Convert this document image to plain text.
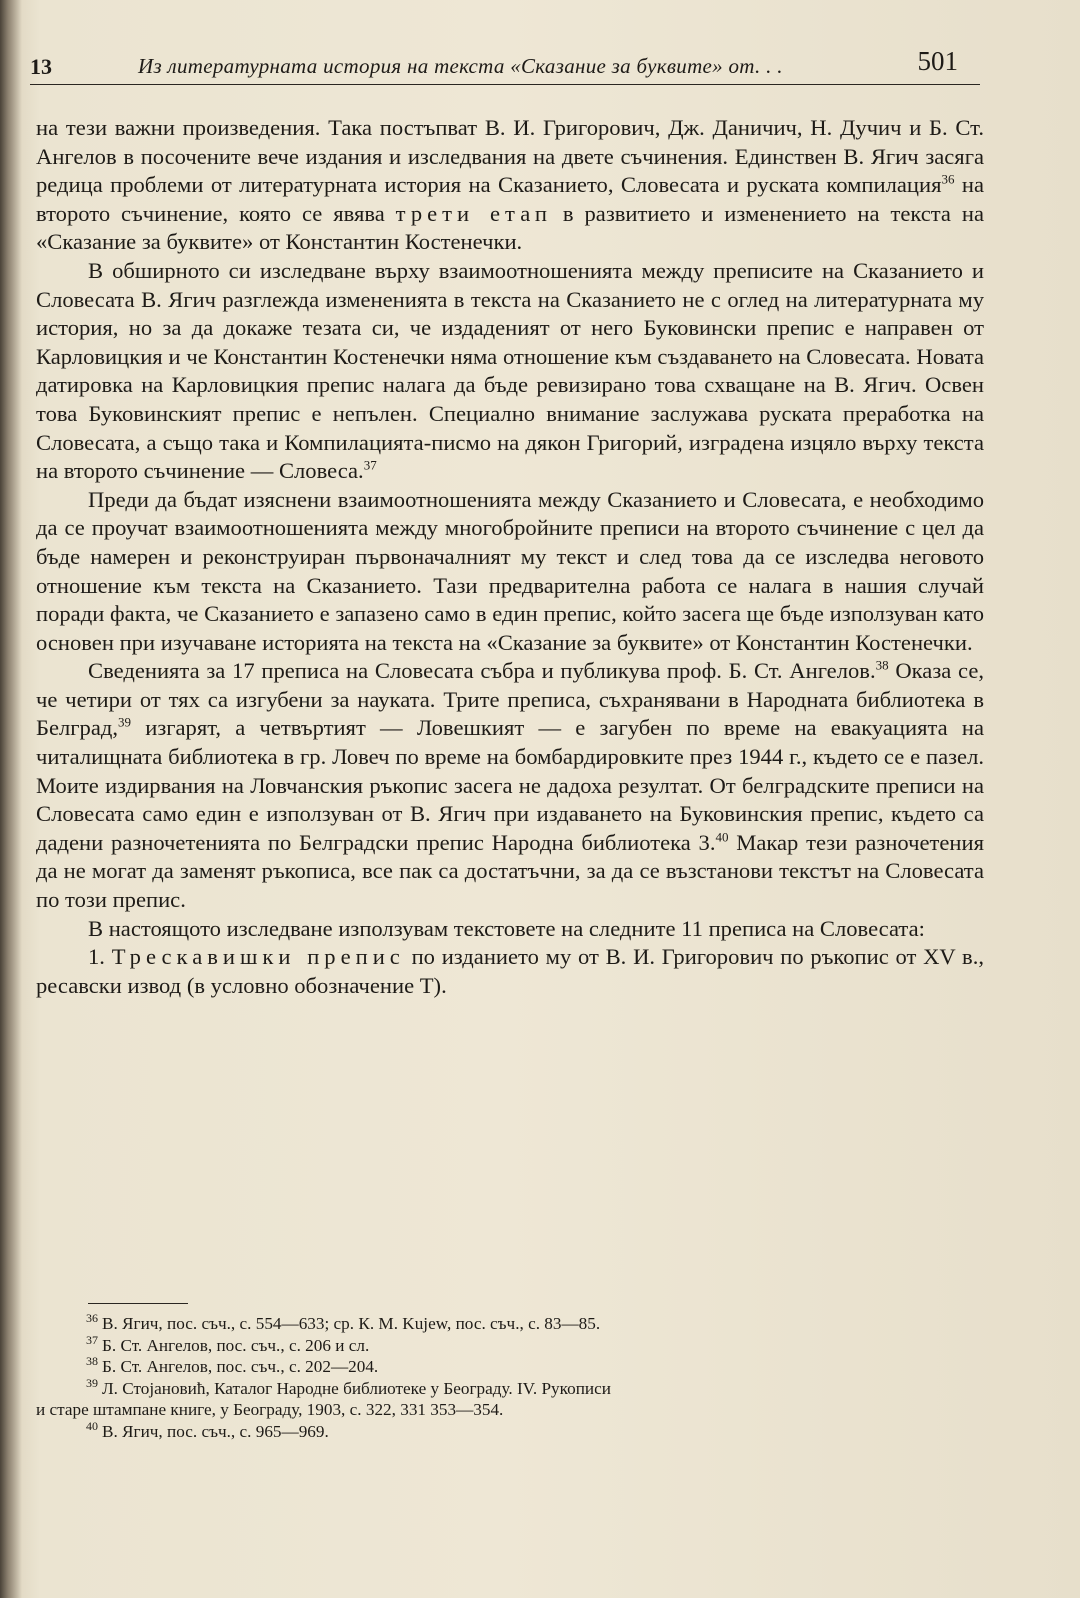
13	Из литературната история на текста «Сказание за буквите» от. . .	501

на тези важни произведения. Така постъпват В. И. Григорович, Дж. Даничич, Н. Дучич и Б. Ст. Ангелов в посочените вече издания и изследвания на двете съчинения. Единствен В. Ягич засяга редица проблеми от литературната история на Сказанието, Словесата и руската компилация$^{36}$ на второто съчинение, която се явява трети етап в развитието и изменението на текста на «Сказание за буквите» от Константин Костенечки.

В обширното си изследване върху взаимоотношенията между преписите на Сказанието и Словесата В. Ягич разглежда измененията в текста на Сказанието не с оглед на литературната му история, но за да докаже тезата си, че издаденият от него Буковински препис е направен от Карловицкия и че Константин Костенечки няма отношение към създаването на Словесата. Новата датировка на Карловицкия препис налага да бъде ревизирано това схващане на В. Ягич. Освен това Буковинският препис е непълен. Специално внимание заслужава руската преработка на Словесата, а също така и Компилацията-писмо на дякон Григорий, изградена изцяло върху текста на второто съчинение — Словеса.$^{37}$

Преди да бъдат изяснени взаимоотношенията между Сказанието и Словесата, е необходимо да се проучат взаимоотношенията между многобройните преписи на второто съчинение с цел да бъде намерен и реконструиран първоначалният му текст и след това да се изследва неговото отношение към текста на Сказанието. Тази предварителна работа се налага в нашия случай поради факта, че Сказанието е запазено само в един препис, който засега ще бъде използуван като основен при изучаване историята на текста на «Сказание за буквите» от Константин Костенечки.

Сведенията за 17 преписа на Словесата събра и публикува проф. Б. Ст. Ангелов.$^{38}$ Оказа се, че четири от тях са изгубени за науката. Трите преписа, съхранявани в Народната библиотека в Белград,$^{39}$ изгарят, а четвъртият — Ловешкият — е загубен по време на евакуацията на читалищната библиотека в гр. Ловеч по време на бомбардировките през 1944 г., където се е пазел. Моите издирвания на Ловчанския ръкопис засега не дадоха резултат. От белградските преписи на Словесата само един е използуван от В. Ягич при издаването на Буковинския препис, където са дадени разночетенията по Белградски препис Народна библиотека 3.40 Макар тези разночетения да не могат да заменят ръкописа, все пак са достатъчни, за да се възстанови текстът на Словесата по този препис.

В настоящото изследване използувам текстовете на следните 11 преписа на Словесата:

1. Трескавишки препис по изданието му от В. И. Григорович по ръкопис от XV в., ресавски извод (в условно обозначение Т).

$^{36}$ В. Ягич, пос. съч., с. 554—633; ср. К. М. Kujew, пос. съч., с. 83—85.
$^{37}$ Б. Ст. Ангелов, пос. съч., с. 206 и сл.
$^{38}$ Б. Ст. Ангелов, пос. съч., с. 202—204.
$^{39}$ Л. Стојановић, Каталог Народне библиотеке у Београду. IV. Рукописи
и старе штампане книге, у Београду, 1903, с. 322, 331 353—354.
$^{40}$ В. Ягич, пос. съч., с. 965—969.
